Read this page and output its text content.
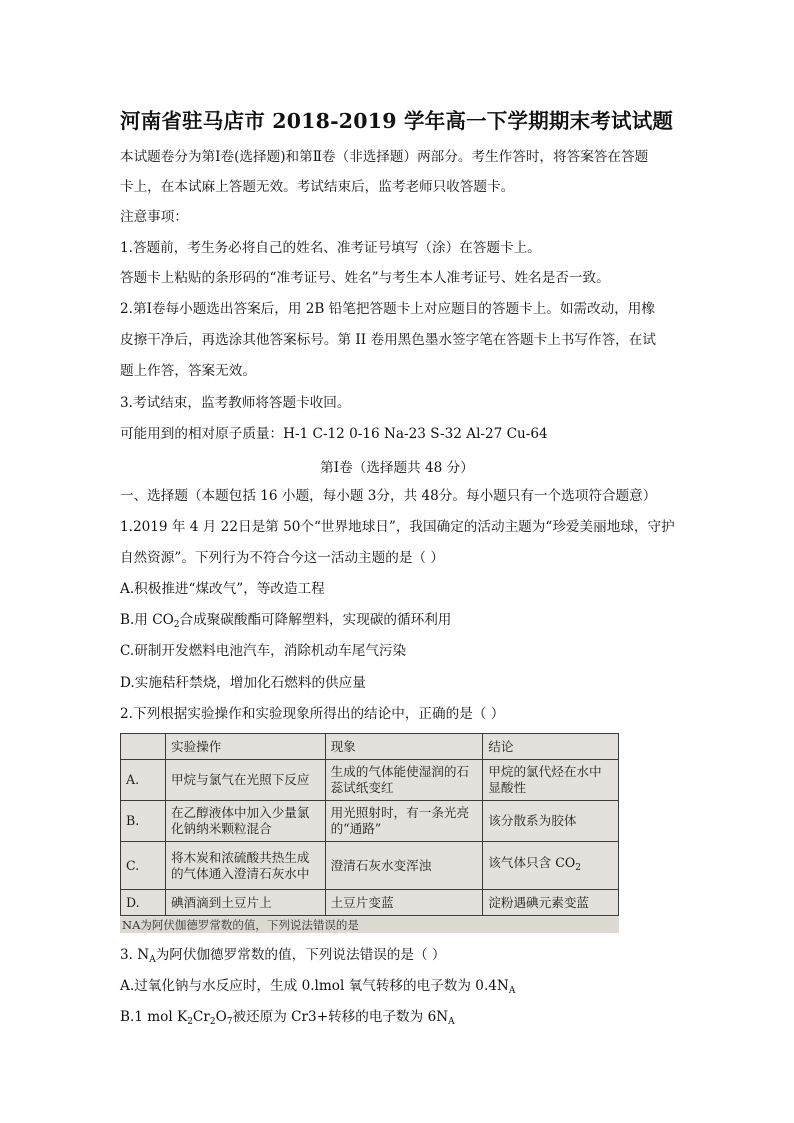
河南省驻马店市 2018-2019 学年高一下学期期末考试试题
本试题卷分为第Ⅰ卷(选择题)和第Ⅱ卷（非选择题）两部分。考生作答时，将答案答在答题
卡上，在本试麻上答题无效。考试结束后，监考老师只收答题卡。
注意事项：
1.答题前，考生务必将自己的姓名、准考证号填写（涂）在答题卡上。
答题卡上粘贴的条形码的“准考证号、姓名”与考生本人准考证号、姓名是否一致。
2.第Ⅰ卷每小题选出答案后，用 2B 铅笔把答题卡上对应题目的答题卡上。如需改动，用橡
皮擦干净后，再选涂其他答案标号。第 II 卷用黑色墨水签字笔在答题卡上书写作答，在试
题上作答，答案无效。
3.考试结束，监考教师将答题卡收回。
可能用到的相对原子质量：H-1 C-12 0-16 Na-23 S-32 Al-27 Cu-64
第Ⅰ卷（选择题共 48 分）
一、选择题（本题包括 16 小题，每小题 3分，共 48分。每小题只有一个选项符合题意）
1.2019 年 4 月 22日是第 50个“世界地球日”，我国确定的活动主题为“珍爱美丽地球，守护
自然资源”。下列行为不符合今这一活动主题的是（ ）
A.积极推进“煤改气”，等改造工程
B.用 $CO_2$合成聚碳酸酯可降解塑料，实现碳的循环利用
C.研制开发燃料电池汽车，消除机动车尾气污染
D.实施秸秆禁烧，增加化石燃料的供应量
2.下列根据实验操作和实验现象所得出的结论中，正确的是（ ）
	实验操作	现象	结论
A.	甲烷与氯气在光照下反应	生成的气体能使湿润的石蕊试纸变红	甲烷的氯代烃在水中显酸性
B.	在乙醇液体中加入少量氯化钠纳米颗粒混合	用光照射时，有一条光亮的“通路”	该分散系为胶体
C.	将木炭和浓硫酸共热生成的气体通入澄清石灰水中	澄清石灰水变浑浊	该气体只含 $CO_2$
D.	碘酒滴到土豆片上	土豆片变蓝	淀粉遇碘元素变蓝
NA为阿伏伽德罗常数的值，下列说法错误的是
3. $N_A$为阿伏伽德罗常数的值，下列说法错误的是（ ）
A.过氧化钠与水反应时，生成 0.lmol 氧气转移的电子数为 $0.4N_A$
B.1 mol $K_2Cr_2O_7$被还原为 Cr3+转移的电子数为 $6N_A$
